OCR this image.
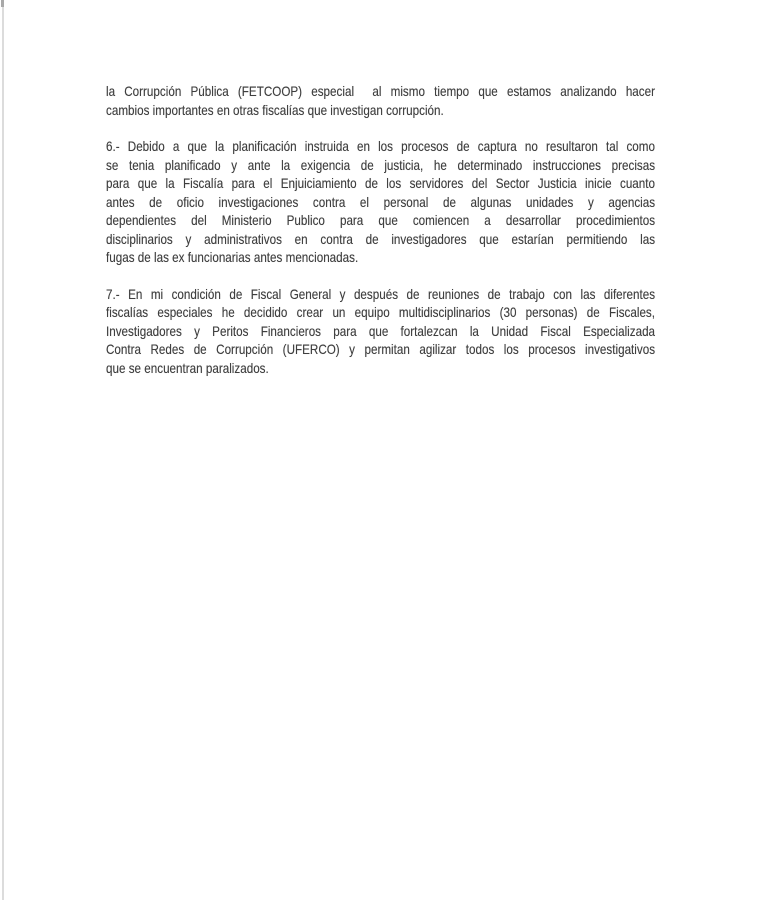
la Corrupción Pública (FETCOOP) especial al mismo tiempo que estamos analizando hacer
cambios importantes en otras fiscalías que investigan corrupción.

6.- Debido a que la planificación instruida en los procesos de captura no resultaron tal como
se tenia planificado y ante la exigencia de justicia, he determinado instrucciones precisas
para que la Fiscalía para el Enjuiciamiento de los servidores del Sector Justicia inicie cuanto
antes de oficio investigaciones contra el personal de algunas unidades y agencias
dependientes del Ministerio Publico para que comiencen a desarrollar procedimientos
disciplinarios y administrativos en contra de investigadores que estarían permitiendo las
fugas de las ex funcionarias antes mencionadas.

7.- En mi condición de Fiscal General y después de reuniones de trabajo con las diferentes
fiscalías especiales he decidido crear un equipo multidisciplinarios (30 personas) de Fiscales,
Investigadores y Peritos Financieros para que fortalezcan la Unidad Fiscal Especializada
Contra Redes de Corrupción (UFERCO) y permitan agilizar todos los procesos investigativos
que se encuentran paralizados.
